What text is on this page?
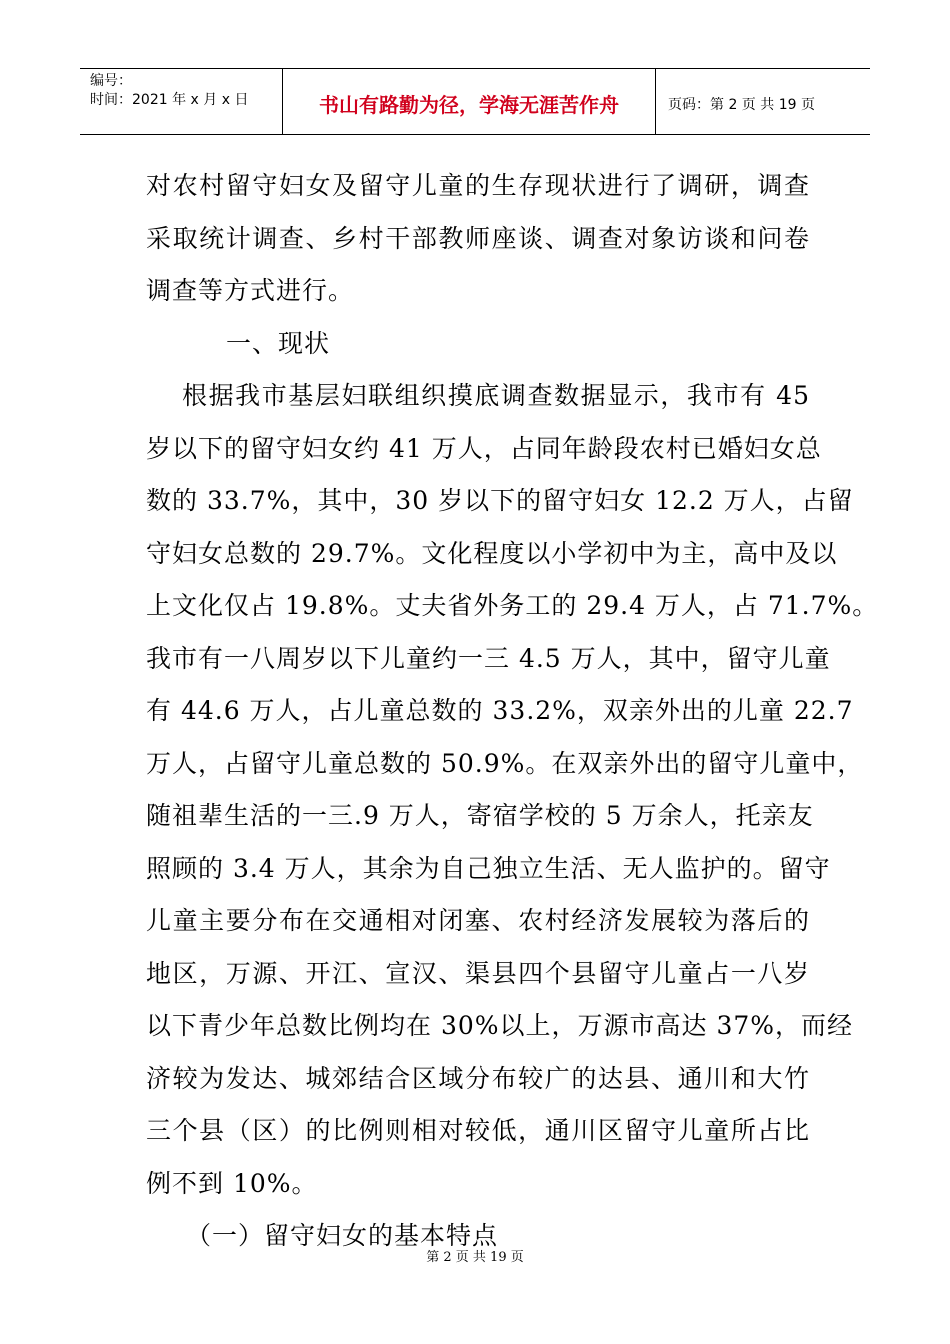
编号：
时间：2021 年 x 月 x 日	书山有路勤为径，学海无涯苦作舟	页码：第 2 页 共 19 页
对农村留守妇女及留守儿童的生存现状进行了调研，调查
采取统计调查、乡村干部教师座谈、调查对象访谈和问卷
调查等方式进行。
一、现状
根据我市基层妇联组织摸底调查数据显示，我市有 45
岁以下的留守妇女约 41 万人，占同年龄段农村已婚妇女总
数的 33.7%，其中，30 岁以下的留守妇女 12.2 万人，占留
守妇女总数的 29.7%。文化程度以小学初中为主，高中及以
上文化仅占 19.8%。丈夫省外务工的 29.4 万人，占 71.7%。
我市有一八周岁以下儿童约一三 4.5 万人，其中，留守儿童
有 44.6 万人，占儿童总数的 33.2%，双亲外出的儿童 22.7
万人，占留守儿童总数的 50.9%。在双亲外出的留守儿童中，
随祖辈生活的一三.9 万人，寄宿学校的 5 万余人，托亲友
照顾的 3.4 万人，其余为自己独立生活、无人监护的。留守
儿童主要分布在交通相对闭塞、农村经济发展较为落后的
地区，万源、开江、宣汉、渠县四个县留守儿童占一八岁
以下青少年总数比例均在 30%以上，万源市高达 37%，而经
济较为发达、城郊结合区域分布较广的达县、通川和大竹
三个县（区）的比例则相对较低，通川区留守儿童所占比
例不到 10%。
（一）留守妇女的基本特点
第 2 页 共 19 页
